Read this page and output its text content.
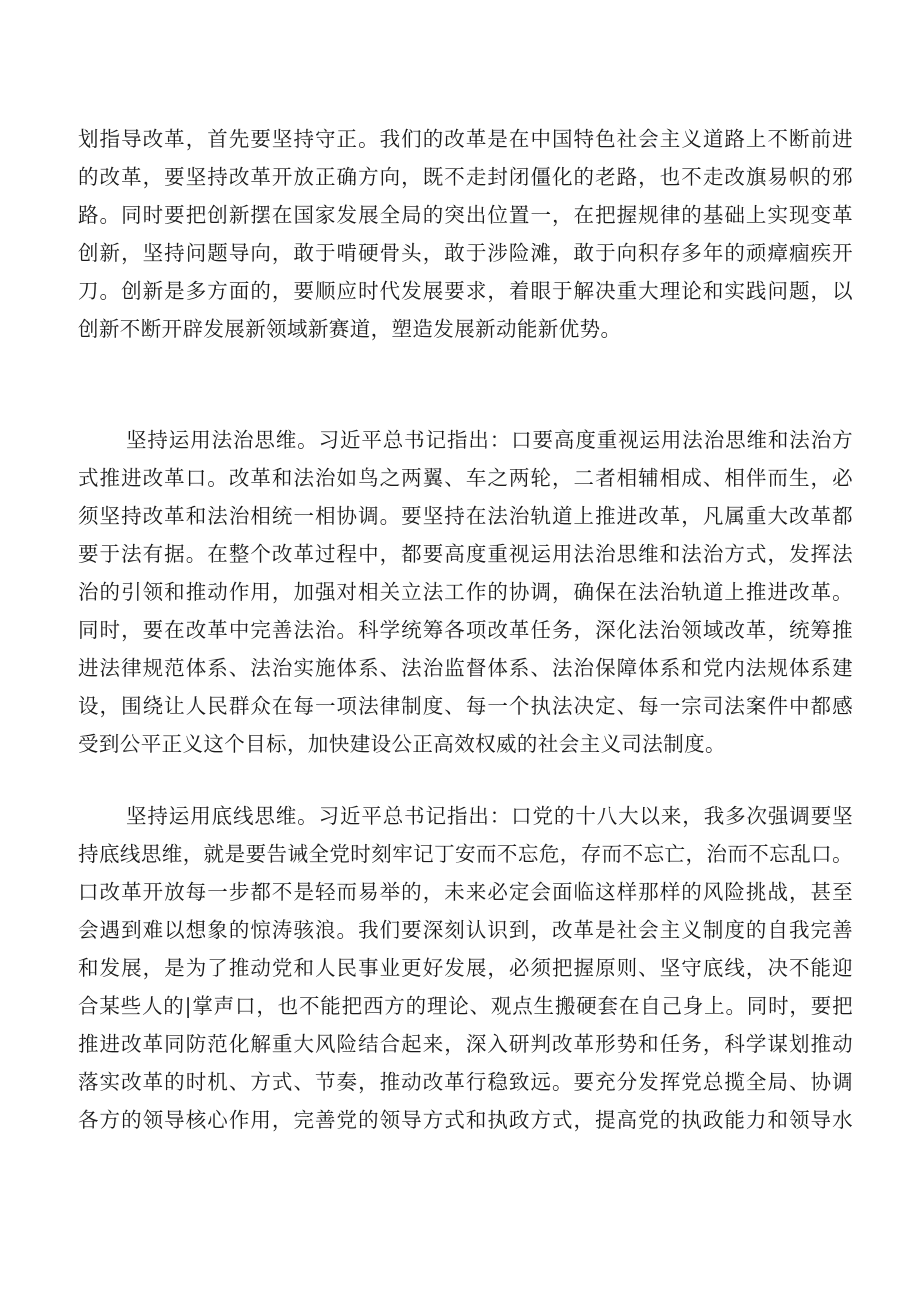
划指导改革，首先要坚持守正。我们的改革是在中国特色社会主义道路上不断前进
的改革，要坚持改革开放正确方向，既不走封闭僵化的老路，也不走改旗易帜的邪
路。同时要把创新摆在国家发展全局的突出位置一，在把握规律的基础上实现变革
创新，坚持问题导向，敢于啃硬骨头，敢于涉险滩，敢于向积存多年的顽瘴痼疾开
刀。创新是多方面的，要顺应时代发展要求，着眼于解决重大理论和实践问题，以
创新不断开辟发展新领域新赛道，塑造发展新动能新优势。
坚持运用法治思维。习近平总书记指出：口要高度重视运用法治思维和法治方
式推进改革口。改革和法治如鸟之两翼、车之两轮，二者相辅相成、相伴而生，必
须坚持改革和法治相统一相协调。要坚持在法治轨道上推进改革，凡属重大改革都
要于法有据。在整个改革过程中，都要高度重视运用法治思维和法治方式，发挥法
治的引领和推动作用，加强对相关立法工作的协调，确保在法治轨道上推进改革。
同时，要在改革中完善法治。科学统筹各项改革任务，深化法治领域改革，统筹推
进法律规范体系、法治实施体系、法治监督体系、法治保障体系和党内法规体系建
设，围绕让人民群众在每一项法律制度、每一个执法决定、每一宗司法案件中都感
受到公平正义这个目标，加快建设公正高效权威的社会主义司法制度。
坚持运用底线思维。习近平总书记指出：口党的十八大以来，我多次强调要坚
持底线思维，就是要告诫全党时刻牢记丁安而不忘危，存而不忘亡，治而不忘乱口。
口改革开放每一步都不是轻而易举的，未来必定会面临这样那样的风险挑战，甚至
会遇到难以想象的惊涛骇浪。我们要深刻认识到，改革是社会主义制度的自我完善
和发展，是为了推动党和人民事业更好发展，必须把握原则、坚守底线，决不能迎
合某些人的|掌声口，也不能把西方的理论、观点生搬硬套在自己身上。同时，要把
推进改革同防范化解重大风险结合起来，深入研判改革形势和任务，科学谋划推动
落实改革的时机、方式、节奏，推动改革行稳致远。要充分发挥党总揽全局、协调
各方的领导核心作用，完善党的领导方式和执政方式，提高党的执政能力和领导水
